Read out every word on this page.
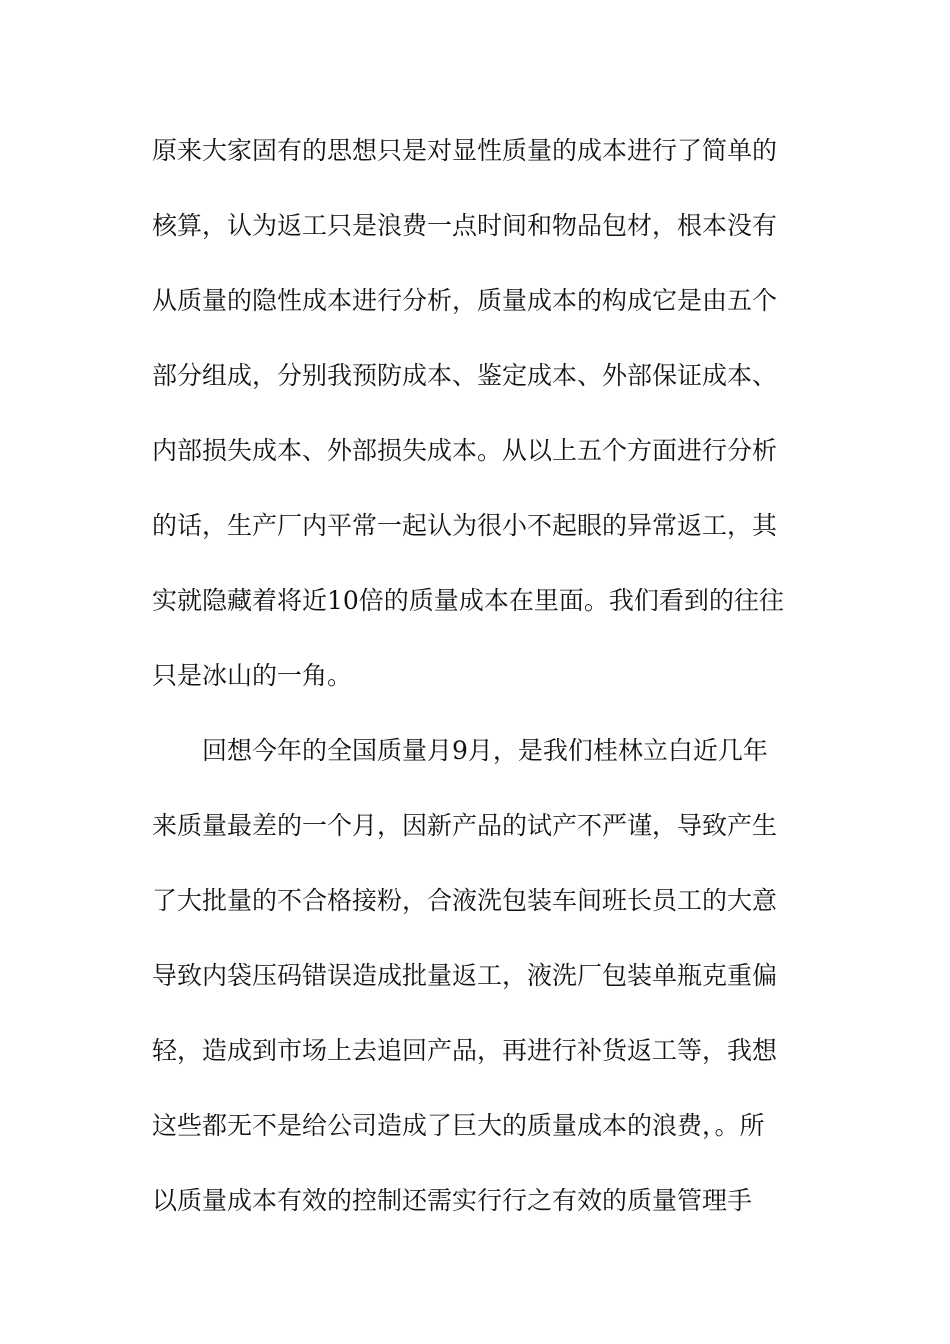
原来大家固有的思想只是对显性质量的成本进行了简单的

核算，认为返工只是浪费一点时间和物品包材，根本没有

从质量的隐性成本进行分析，质量成本的构成它是由五个

部分组成，分别我预防成本、鉴定成本、外部保证成本、

内部损失成本、外部损失成本。从以上五个方面进行分析

的话，生产厂内平常一起认为很小不起眼的异常返工，其

实就隐藏着将近10倍的质量成本在里面。我们看到的往往

只是冰山的一角。

回想今年的全国质量月9月，是我们桂林立白近几年

来质量最差的一个月，因新产品的试产不严谨，导致产生

了大批量的不合格接粉，合液洗包装车间班长员工的大意

导致内袋压码错误造成批量返工，液洗厂包装单瓶克重偏

轻，造成到市场上去追回产品，再进行补货返工等，我想

这些都无不是给公司造成了巨大的质量成本的浪费，。所

以质量成本有效的控制还需实行行之有效的质量管理手
